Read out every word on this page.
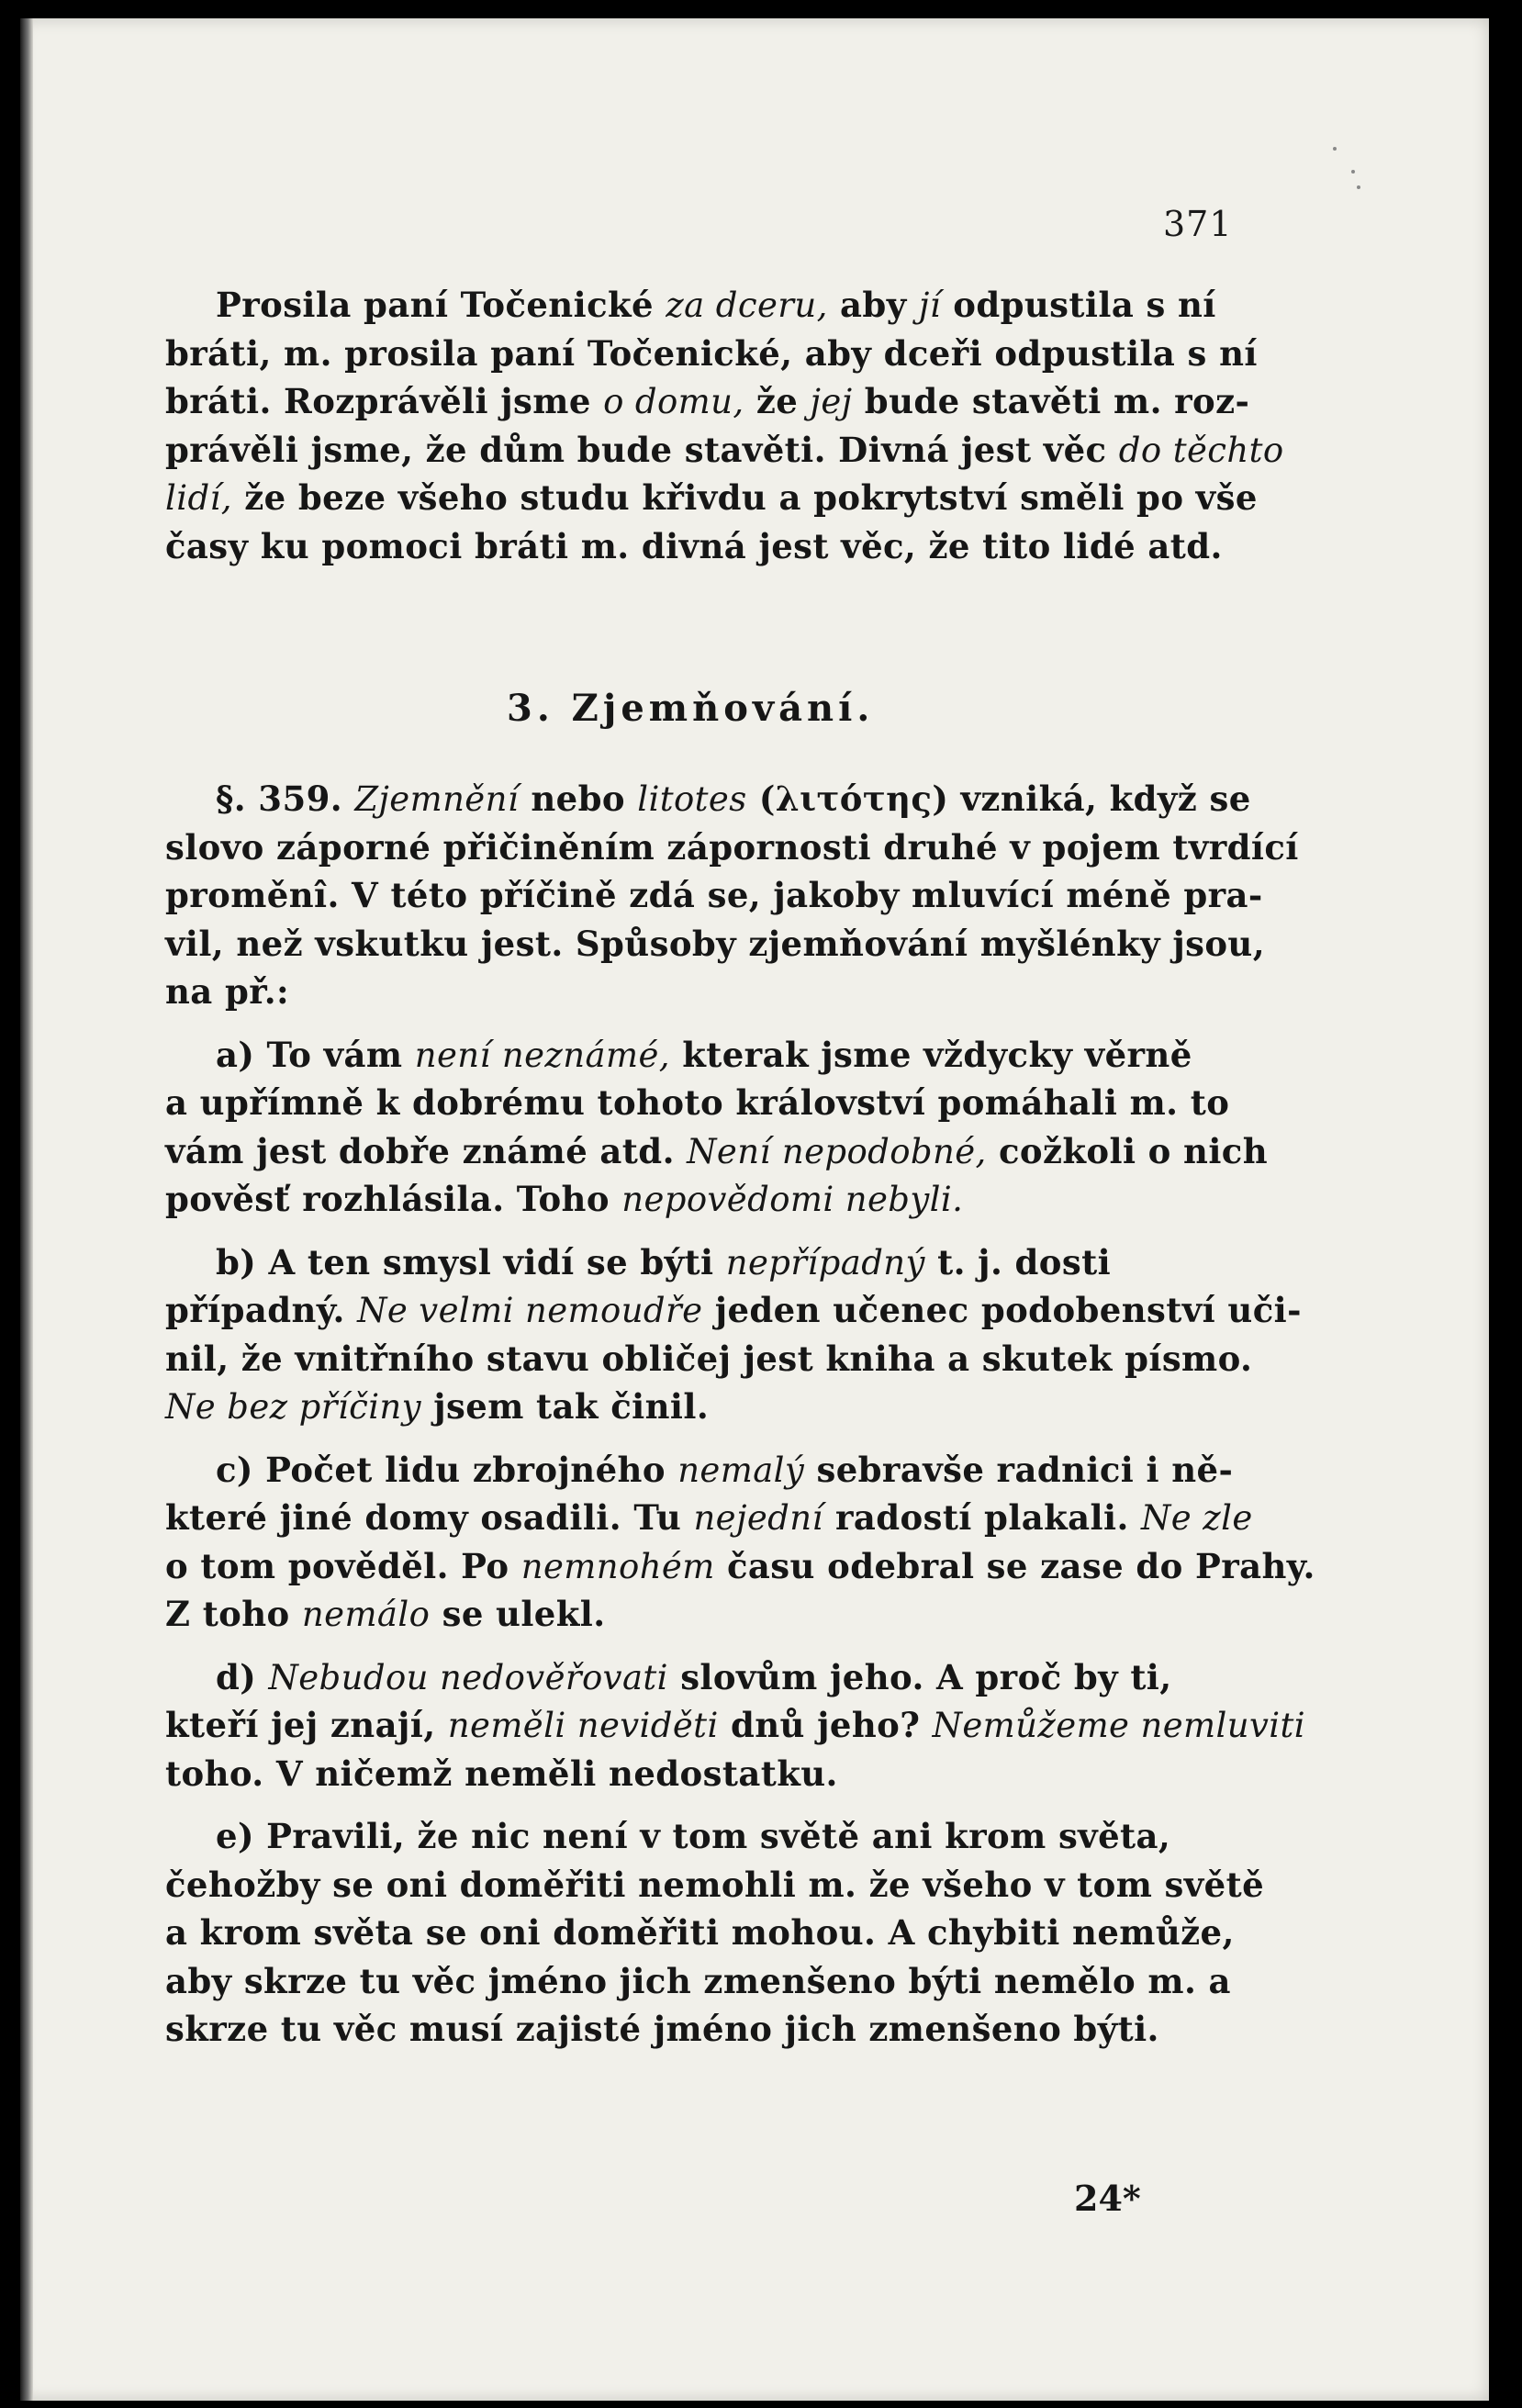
371
Prosila paní Točenické za dceru, aby jí odpustila s ní
bráti, m. prosila paní Točenické, aby dceři odpustila s ní
bráti. Rozprávěli jsme o domu, že jej bude stavěti m. roz-
právěli jsme, že dům bude stavěti. Divná jest věc do těchto
lidí, že beze všeho studu křivdu a pokrytství směli po vše
časy ku pomoci bráti m. divná jest věc, že tito lidé atd.
3. Zjemňování.
§. 359. Zjemnění nebo litotes (λιτότης) vzniká, když se
slovo záporné přičiněním zápornosti druhé v pojem tvrdící
proměnî. V této příčině zdá se, jakoby mluvící méně pra-
vil, než vskutku jest. Spůsoby zjemňování myšlénky jsou,
na př.:
a) To vám není neznámé, kterak jsme vždycky věrně
a upřímně k dobrému tohoto království pomáhali m. to
vám jest dobře známé atd. Není nepodobné, cožkoli o nich
pověsť rozhlásila. Toho nepovědomi nebyli.
b) A ten smysl vidí se býti nepřípadný t. j. dosti
případný. Ne velmi nemoudře jeden učenec podobenství uči-
nil, že vnitřního stavu obličej jest kniha a skutek písmo.
Ne bez příčiny jsem tak činil.
c) Počet lidu zbrojného nemalý sebravše radnici i ně-
které jiné domy osadili. Tu nejední radostí plakali. Ne zle
o tom pověděl. Po nemnohém času odebral se zase do Prahy.
Z toho nemálo se ulekl.
d) Nebudou nedověřovati slovům jeho. A proč by ti,
kteří jej znají, neměli neviděti dnů jeho? Nemůžeme nemluviti
toho. V ničemž neměli nedostatku.
e) Pravili, že nic není v tom světě ani krom světa,
čehožby se oni doměřiti nemohli m. že všeho v tom světě
a krom světa se oni doměřiti mohou. A chybiti nemůže,
aby skrze tu věc jméno jich zmenšeno býti nemělo m. a
skrze tu věc musí zajisté jméno jich zmenšeno býti.
24*
